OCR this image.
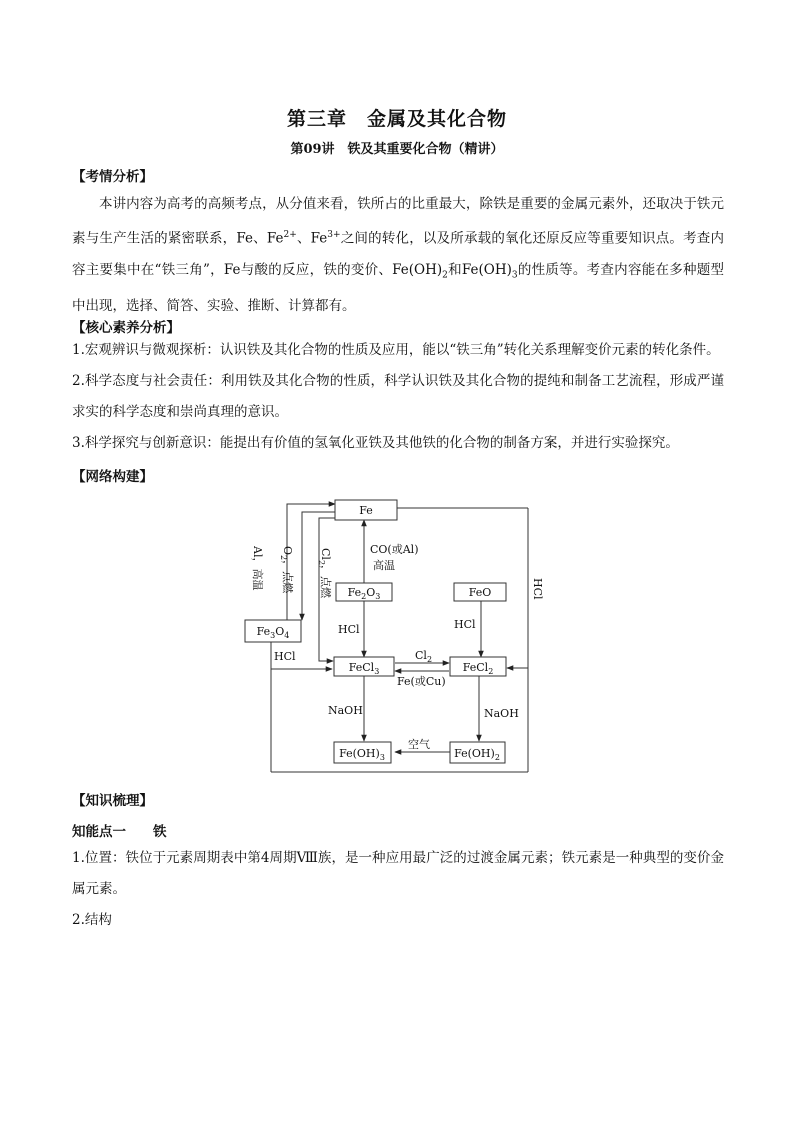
第三章　金属及其化合物
第09讲　铁及其重要化合物（精讲）
【考情分析】
本讲内容为高考的高频考点，从分值来看，铁所占的比重最大，除铁是重要的金属元素外，还取决于铁元素与生产生活的紧密联系，Fe、$Fe^{2+}$、$Fe^{3+}$之间的转化，以及所承载的氧化还原反应等重要知识点。考查内容主要集中在“铁三角”，Fe与酸的反应，铁的变价、$Fe(OH)_2$和$Fe(OH)_3$的性质等。考查内容能在多种题型中出现，选择、简答、实验、推断、计算都有。
【核心素养分析】
1.宏观辨识与微观探析：认识铁及其化合物的性质及应用，能以“铁三角”转化关系理解变价元素的转化条件。
2.科学态度与社会责任：利用铁及其化合物的性质，科学认识铁及其化合物的提纯和制备工艺流程，形成严谨求实的科学态度和崇尚真理的意识。
3.科学探究与创新意识：能提出有价值的氢氧化亚铁及其他铁的化合物的制备方案，并进行实验探究。
【网络构建】
Fe
$Fe_2O_3$	FeO
$Fe_3O_4$
FeCl$_3$	FeCl$_2$
$Fe(OH)_3$	$Fe(OH)_2$
Al，高温 $O_2$，点燃
$Cl_2$，点燃	HCl
CO(或Al)
高温
HCl	HCl
HCl	$Cl_2$
Fe(或Cu)
NaOH	NaOH
空气
【知识梳理】
知能点一　　铁
1.位置：铁位于元素周期表中第4周期Ⅷ族，是一种应用最广泛的过渡金属元素；铁元素是一种典型的变价金属元素。
2.结构
